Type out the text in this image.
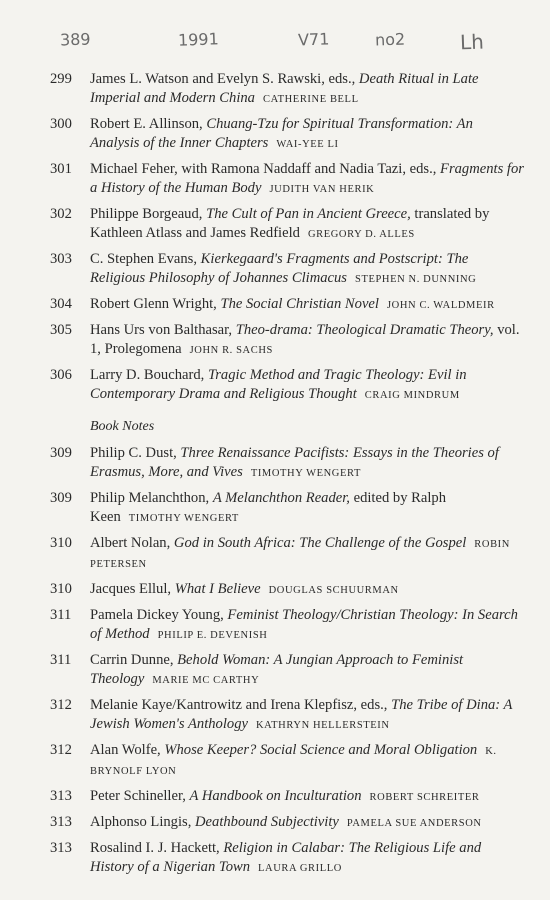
389	1991	V71	no2	Lh
299	James L. Watson and Evelyn S. Rawski, eds., Death Ritual in Late Imperial and Modern China CATHERINE BELL
300	Robert E. Allinson, Chuang-Tzu for Spiritual Transformation: An Analysis of the Inner Chapters WAI-YEE LI
301	Michael Feher, with Ramona Naddaff and Nadia Tazi, eds., Fragments for a History of the Human Body JUDITH VAN HERIK
302	Philippe Borgeaud, The Cult of Pan in Ancient Greece, translated by Kathleen Atlass and James Redfield GREGORY D. ALLES
303	C. Stephen Evans, Kierkegaard's Fragments and Postscript: The Religious Philosophy of Johannes Climacus STEPHEN N. DUNNING
304	Robert Glenn Wright, The Social Christian Novel JOHN C. WALDMEIR
305	Hans Urs von Balthasar, Theo-drama: Theological Dramatic Theory, vol. 1, Prolegomena JOHN R. SACHS
306	Larry D. Bouchard, Tragic Method and Tragic Theology: Evil in Contemporary Drama and Religious Thought CRAIG MINDRUM
Book Notes
309	Philip C. Dust, Three Renaissance Pacifists: Essays in the Theories of Erasmus, More, and Vives TIMOTHY WENGERT
309	Philip Melanchthon, A Melanchthon Reader, edited by Ralph Keen TIMOTHY WENGERT
310	Albert Nolan, God in South Africa: The Challenge of the Gospel ROBIN PETERSEN
310	Jacques Ellul, What I Believe DOUGLAS SCHUURMAN
311	Pamela Dickey Young, Feminist Theology/Christian Theology: In Search of Method PHILIP E. DEVENISH
311	Carrin Dunne, Behold Woman: A Jungian Approach to Feminist Theology MARIE MC CARTHY
312	Melanie Kaye/Kantrowitz and Irena Klepfisz, eds., The Tribe of Dina: A Jewish Women's Anthology KATHRYN HELLERSTEIN
312	Alan Wolfe, Whose Keeper? Social Science and Moral Obligation K. BRYNOLF LYON
313	Peter Schineller, A Handbook on Inculturation ROBERT SCHREITER
313	Alphonso Lingis, Deathbound Subjectivity PAMELA SUE ANDERSON
313	Rosalind I. J. Hackett, Religion in Calabar: The Religious Life and History of a Nigerian Town LAURA GRILLO
